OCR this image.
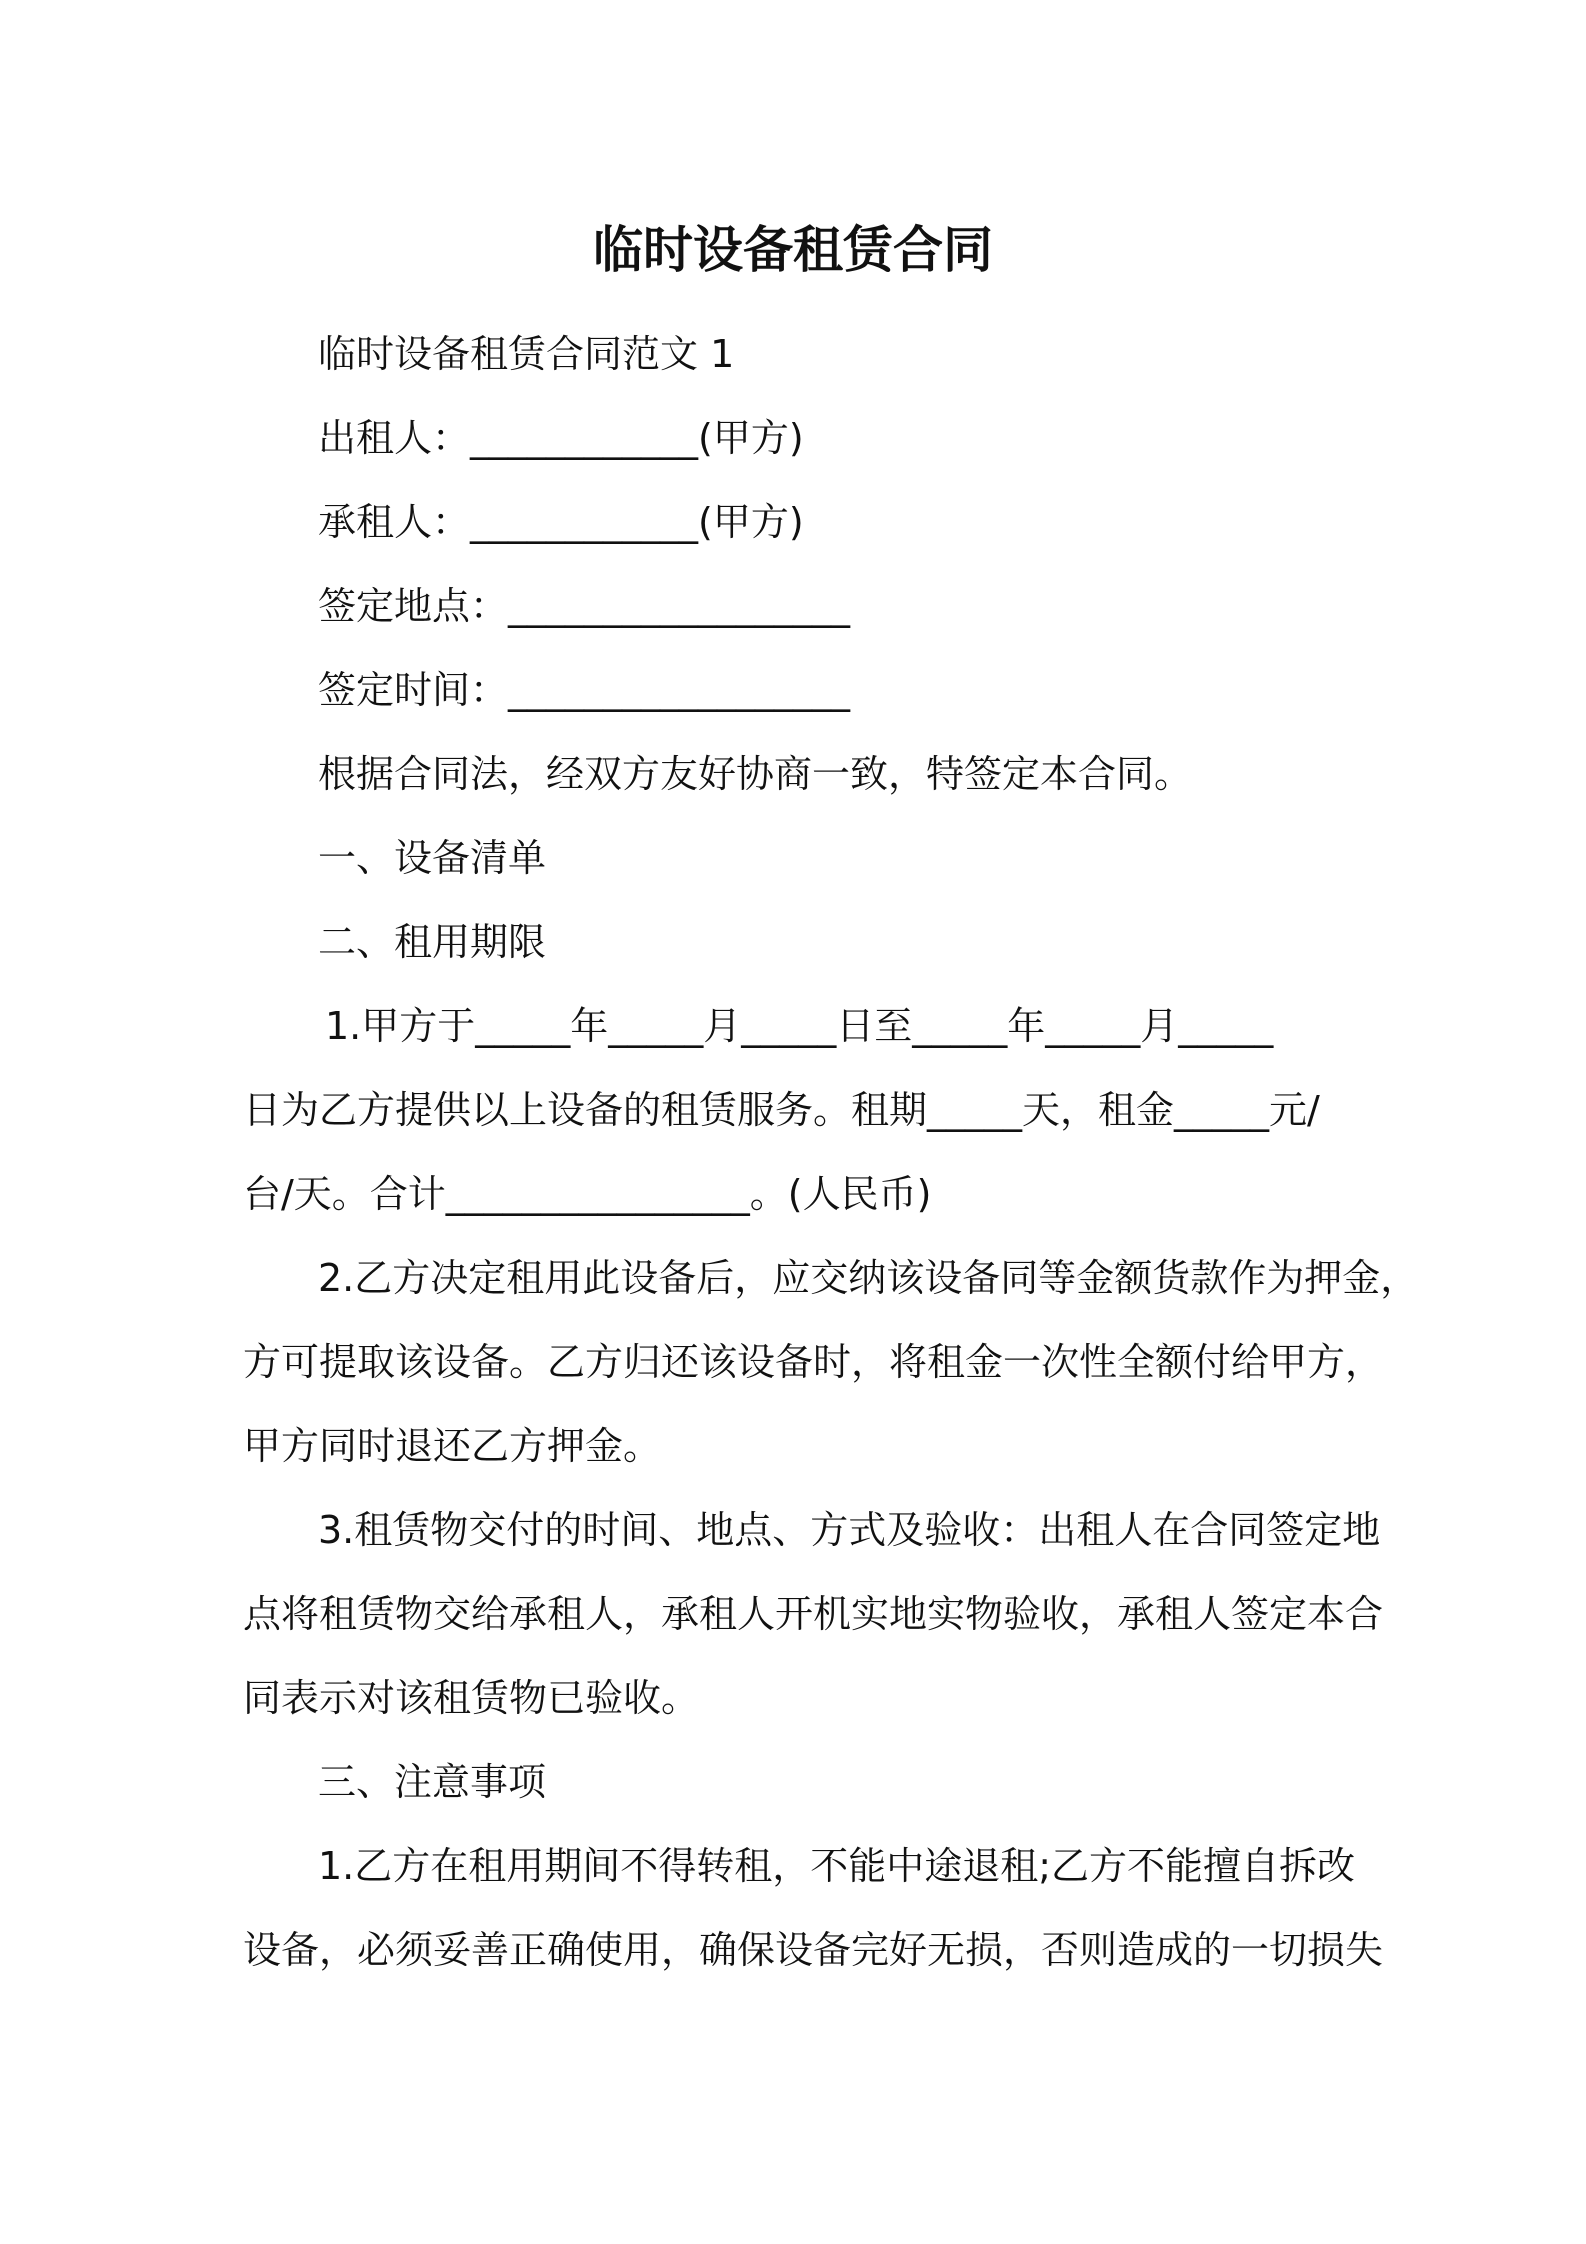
临时设备租赁合同
临时设备租赁合同范文 1
出租人：____________(甲方)
承租人：____________(甲方)
签定地点：__________________
签定时间：__________________
根据合同法，经双方友好协商一致，特签定本合同。
一、设备清单
二、租用期限
1.甲方于_____年_____月_____日至_____年_____月_____
日为乙方提供以上设备的租赁服务。租期_____天，租金_____元/
台/天。合计________________。(人民币)
2.乙方决定租用此设备后，应交纳该设备同等金额货款作为押金，
方可提取该设备。乙方归还该设备时，将租金一次性全额付给甲方，
甲方同时退还乙方押金。
3.租赁物交付的时间、地点、方式及验收：出租人在合同签定地
点将租赁物交给承租人，承租人开机实地实物验收，承租人签定本合
同表示对该租赁物已验收。
三、注意事项
1.乙方在租用期间不得转租，不能中途退租;乙方不能擅自拆改
设备，必须妥善正确使用，确保设备完好无损，否则造成的一切损失
